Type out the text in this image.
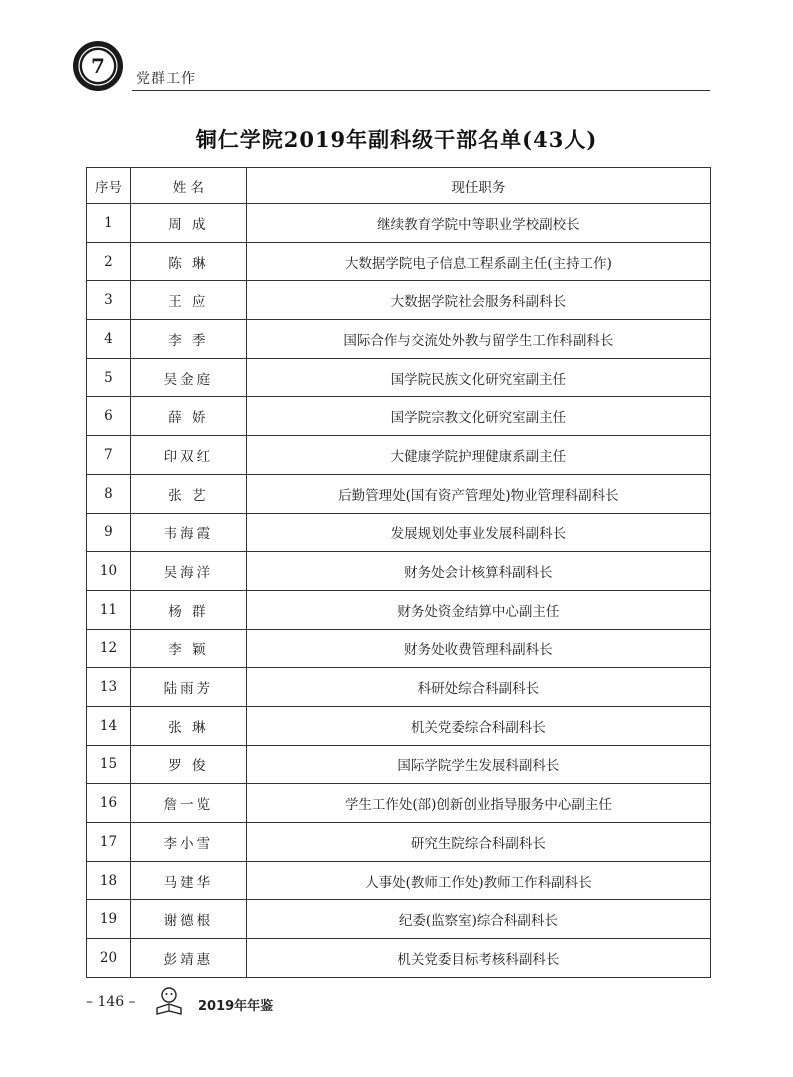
7
党群工作
铜仁学院2019年副科级干部名单(43人)
序号	姓 名	现任职务
1	周 成	继续教育学院中等职业学校副校长
2	陈 琳	大数据学院电子信息工程系副主任(主持工作)
3	王 应	大数据学院社会服务科副科长
4	李 季	国际合作与交流处外教与留学生工作科副科长
5	吴金庭	国学院民族文化研究室副主任
6	薛 娇	国学院宗教文化研究室副主任
7	印双红	大健康学院护理健康系副主任
8	张 艺	后勤管理处(国有资产管理处)物业管理科副科长
9	韦海霞	发展规划处事业发展科副科长
10	吴海洋	财务处会计核算科副科长
11	杨 群	财务处资金结算中心副主任
12	李 颖	财务处收费管理科副科长
13	陆雨芳	科研处综合科副科长
14	张 琳	机关党委综合科副科长
15	罗 俊	国际学院学生发展科副科长
16	詹一览	学生工作处(部)创新创业指导服务中心副主任
17	李小雪	研究生院综合科副科长
18	马建华	人事处(教师工作处)教师工作科副科长
19	谢德根	纪委(监察室)综合科副科长
20	彭靖惠	机关党委目标考核科副科长
– 146 –	2019年年鉴
